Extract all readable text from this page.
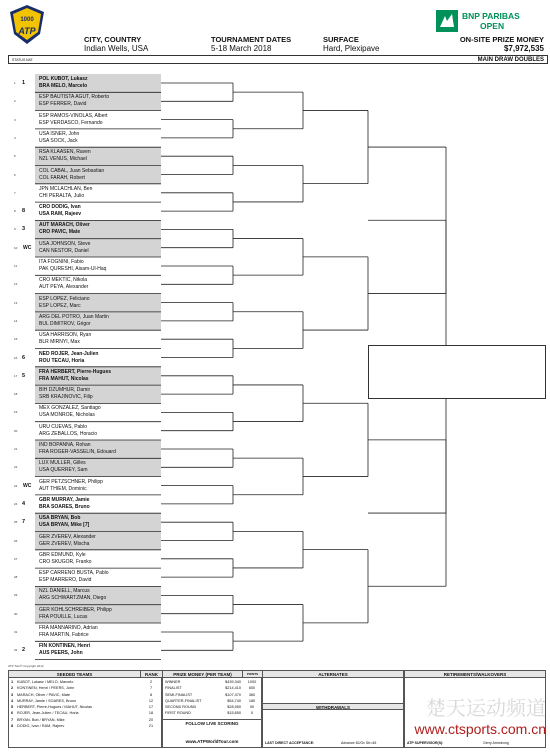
1000
ATP
CITY, COUNTRY
Indian Wells, USA
TOURNAMENT DATES
5-18 March 2018
SURFACE
Hard, Plexipave
ON-SITE PRIZE MONEY
$7,972,535
BNP PARIBAS
OPEN
MAIN DRAW DOUBLES
STATUS NAT.
POL KUBOT, Lukasz
BRA MELO, Marcelo
1 1
ESP BAUTISTA AGUT, Roberto
ESP FERRER, David
2
ESP RAMOS-VINOLAS, Albert
ESP VERDASCO, Fernando
3
USA ISNER, John
USA SOCK, Jack
4
RSA KLAASEN, Raven
NZL VENUS, Michael
5
COL CABAL, Juan Sebastian
COL FARAH, Robert
6
JPN MCLACHLAN, Ben
CHI PERALTA, Julio
7
CRO DODIG, Ivan
USA RAM, Rajeev
8 8
AUT MARACH, Oliver
CRO PAVIC, Mate
9 3
USA JOHNSON, Steve
CAN NESTOR, Daniel
10 WC
ITA FOGNINI, Fabio
PAK QURESHI, Aisam-Ul-Haq
11
CRO MEKTIC, Nikola
AUT PEYA, Alexander
12
ESP LOPEZ, Feliciano
ESP LOPEZ, Marc
13
ARG DEL POTRO, Juan Martin
BUL DIMITROV, Grigor
14
USA HARRISON, Ryan
BLR MIRNYI, Max
15
NED ROJER, Jean-Julien
ROU TECAU, Horia
16 6
FRA HERBERT, Pierre-Hugues
FRA MAHUT, Nicolas
17 5
BIH DZUMHUR, Damir
SRB KRAJINOVIC, Filip
18
MEX GONZALEZ, Santiago
USA MONROE, Nicholas
19
URU CUEVAS, Pablo
ARG ZEBALLOS, Horacio
20
IND BOPANNA, Rohan
FRA ROGER-VASSELIN, Edouard
21
LUX MULLER, Gilles
USA QUERREY, Sam
22
GER PETZSCHNER, Philipp
AUT THIEM, Dominic
23 WC
GBR MURRAY, Jamie
BRA SOARES, Bruno
24 4
USA BRYAN, Bob
USA BRYAN, Mike [7]
25 7
GER ZVEREV, Alexander
GER ZVEREV, Mischa
26
GBR EDMUND, Kyle
CRO SKUGOR, Franko
27
ESP CARRENO BUSTA, Pablo
ESP MARRERO, David
28
NZL DANIELL, Marcus
ARG SCHWARTZMAN, Diego
29
GER KOHLSCHREIBER, Philipp
FRA POUILLE, Lucas
30
FRA MANNARINO, Adrian
FRA MARTIN, Fabrice
31
FIN KONTINEN, Henri
AUS PEERS, John
32 2
ATP Tour® Copyright 2014
SEEDED TEAMS	RANK
1 KUBOT, Lukasz / MELO, Marcelo	2
2 KONTINEN, Henri / PEERS, John	7
3 MARACH, Oliver / PAVIC, Mate	8
4 MURRAY, Jamie / SOARES, Bruno	12
5 HERBERT, Pierre-Hugues / MAHUT, Nicolas	17
6 ROJER, Jean-Julien / TECAU, Horia	18
7 BRYAN, Bob / BRYAN, Mike	20
8 DODIG, Ivan / RAM, Rajeev	21
PRIZE MONEY (PER TEAM)	POINTS
WINNER	$439,340	1000
FINALIST	$214,410	600
SEMI-FINALIST	$107,470	360
QUARTER-FINALIST	$54,740	180
SECOND ROUND	$28,950	90
FIRST ROUND	$15,650	0
FOLLOW LIVE SCORING
www.ATPWorldTour.com
ALTERNATES
WITHDRAWALS
LAST DIRECT ACCEPTANCE:	Advance 62/Ov Str=46
RETIREMENTS/WALKOVERS
ATP SUPERVISOR(S):	Gerry Armstrong
楚天运动频道
www.ctsports.com.cn
